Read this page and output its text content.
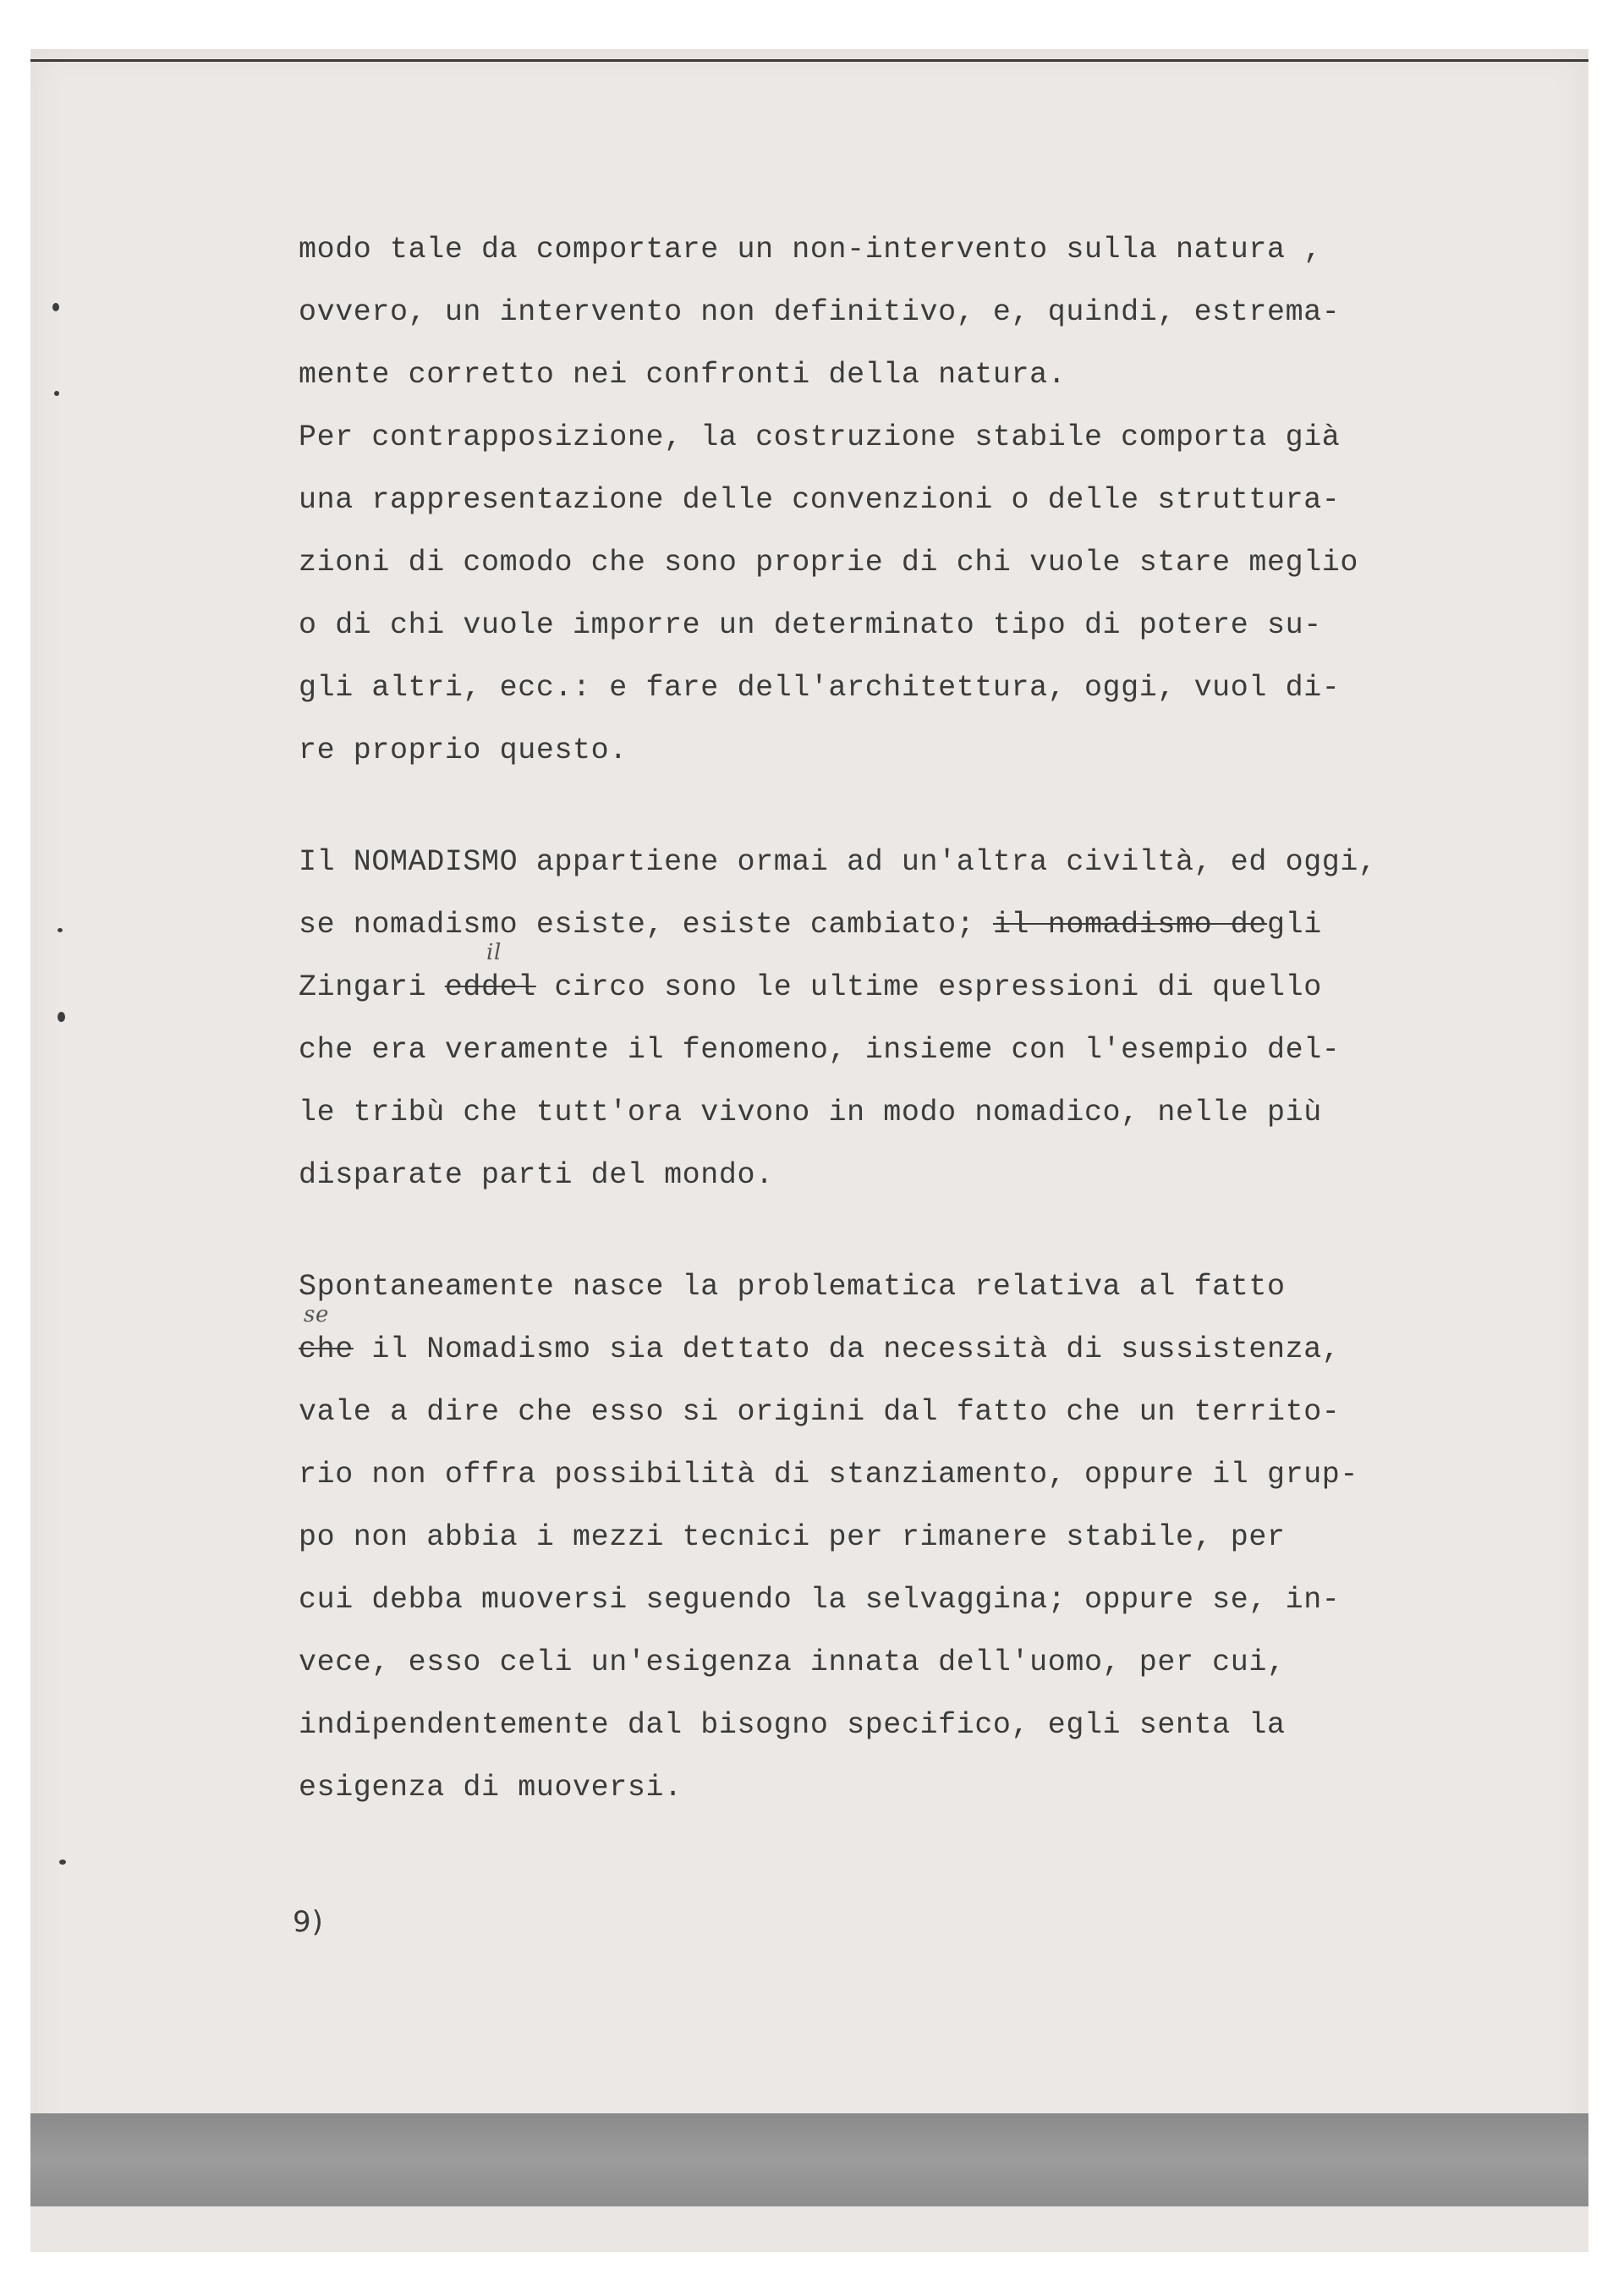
modo tale da comportare un non-intervento sulla natura ,
ovvero, un intervento non definitivo, e, quindi, estrema-
mente corretto nei confronti della natura.
Per contrapposizione, la costruzione stabile comporta già
una rappresentazione delle convenzioni o delle struttura-
zioni di comodo che sono proprie di chi vuole stare meglio
o di chi vuole imporre un determinato tipo di potere su-
gli altri, ecc.: e fare dell'architettura, oggi, vuol di-
re proprio questo.
Il NOMADISMO appartiene ormai ad un'altra civiltà, ed oggi,
se nomadismo esiste, esiste cambiato; il nomadismo degli
Zingari eddel
il
circo sono le ultime espressioni di quello
che era veramente il fenomeno, insieme con l'esempio del-
le tribù che tutt'ora vivono in modo nomadico, nelle più
disparate parti del mondo.
Spontaneamente nasce la problematica relativa al fatto
che
se
il Nomadismo sia dettato da necessità di sussistenza,
vale a dire che esso si origini dal fatto che un territo-
rio non offra possibilità di stanziamento, oppure il grup-
po non abbia i mezzi tecnici per rimanere stabile, per
cui debba muoversi seguendo la selvaggina; oppure se, in-
vece, esso celi un'esigenza innata dell'uomo, per cui,
indipendentemente dal bisogno specifico, egli senta la
esigenza di muoversi.
9)
